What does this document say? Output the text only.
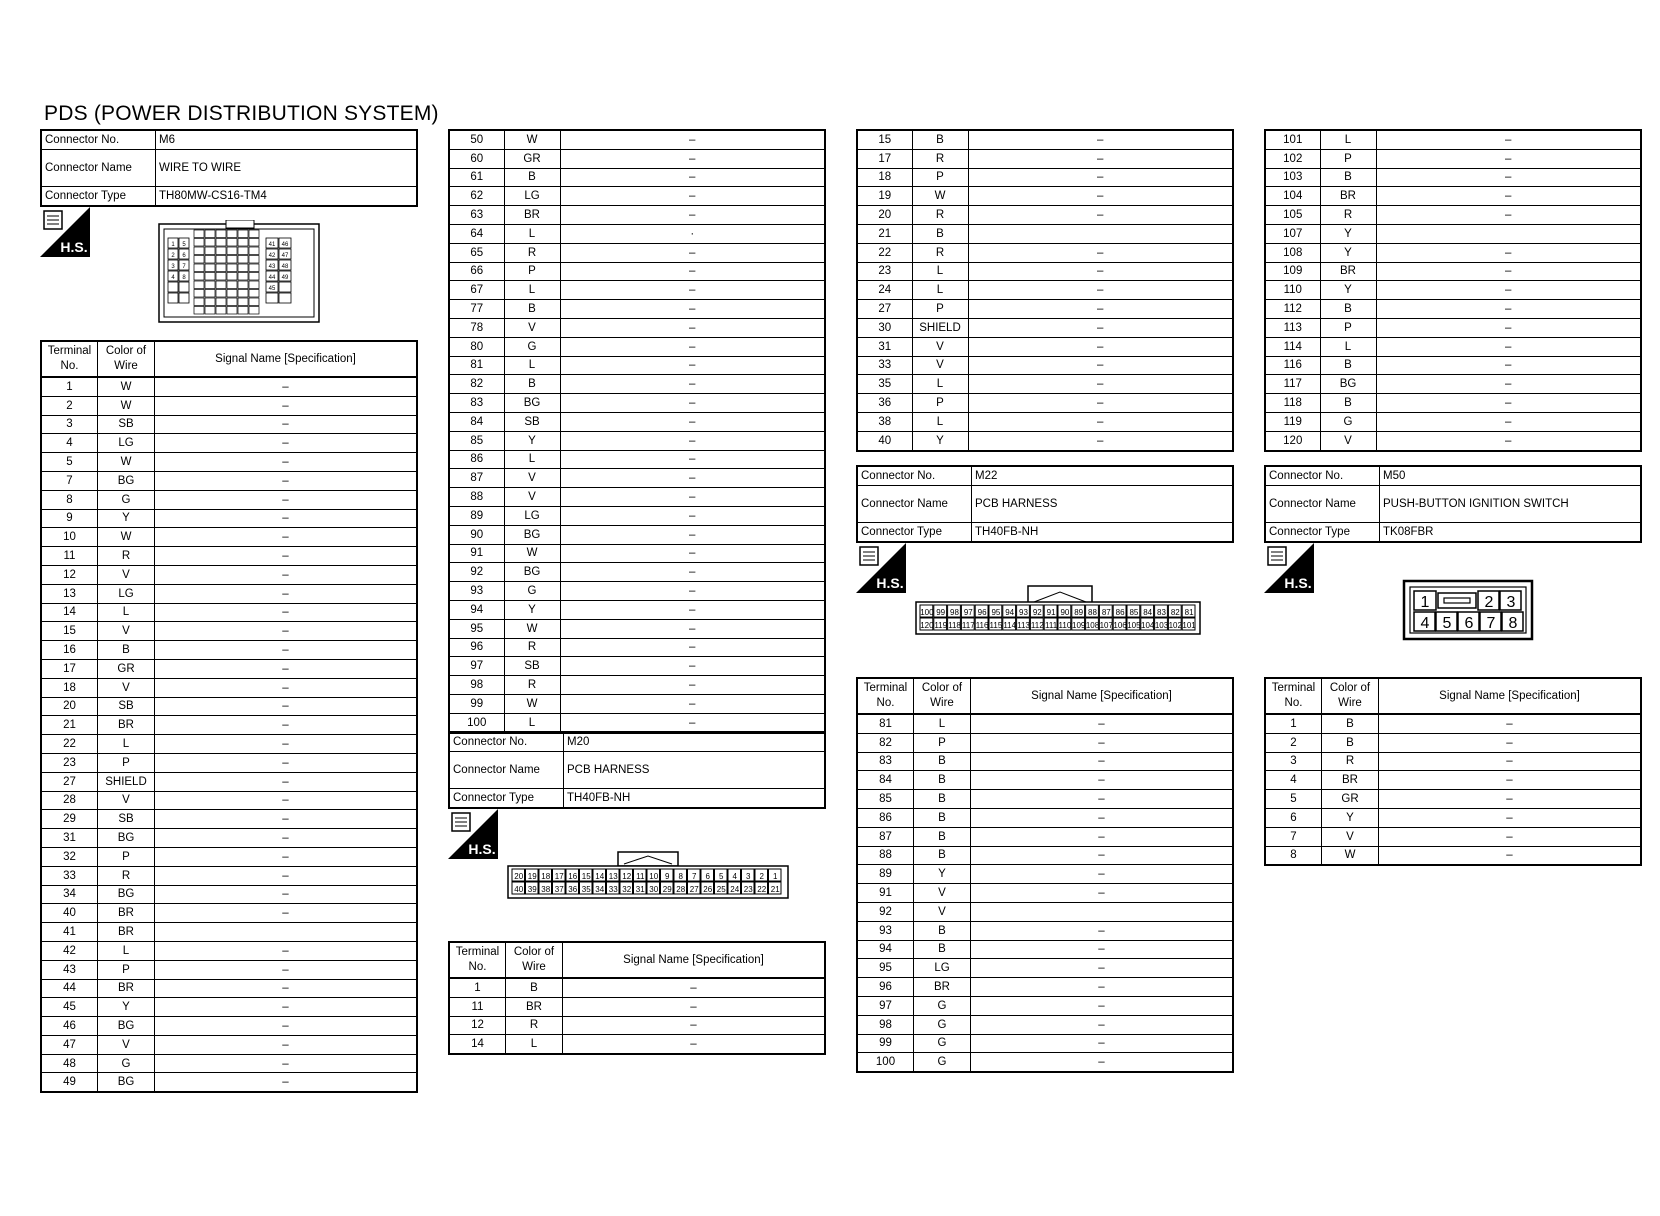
PDS (POWER DISTRIBUTION SYSTEM)
Connector No.	M6
Connector Name	WIRE TO WIRE
Connector Type	TH80MW-CS16-TM4
H.S.	1 5
2 6
3 7
4 8
41 46
42 47
43 48
44 49
45
Terminal No.	Color of Wire	Signal Name [Specification]
1	W	–
2	W	–
3	SB	–
4	LG	–
5	W	–
7	BG	–
8	G	–
9	Y	–
10	W	–
11	R	–
12	V	–
13	LG	–
14	L	–
15	V	–
16	B	–
17	GR	–
18	V	–
20	SB	–
21	BR	–
22	L	–
23	P	–
27	SHIELD	–
28	V	–
29	SB	–
31	BG	–
32	P	–
33	R	–
34	BG	–
40	BR	–
41	BR	
42	L	–
43	P	–
44	BR	–
45	Y	–
46	BG	–
47	V	–
48	G	–
49	BG	–
50	W	–
60	GR	–
61	B	–
62	LG	–
63	BR	–
64	L	·
65	R	–
66	P	–
67	L	–
77	B	–
78	V	–
80	G	–
81	L	–
82	B	–
83	BG	–
84	SB	–
85	Y	–
86	L	–
87	V	–
88	V	–
89	LG	–
90	BG	–
91	W	–
92	BG	–
93	G	–
94	Y	–
95	W	–
96	R	–
97	SB	–
98	R	–
99	W	–
100	L	–
Connector No.	M20
Connector Name	PCB HARNESS
Connector Type	TH40FB-NH
H.S.
20 19 18 17 16 15 14 13 12 11 10 9 8 7 6 5 4 3 2 1
40 39 38 37 36 35 34 33 32 31 30 29 28 27 26 25 24 23 22 21
Terminal No.	Color of Wire	Signal Name [Specification]
1	B	–
11	BR	–
12	R	–
14	L	–
15	B	–
17	R	–
18	P	–
19	W	–
20	R	–
21	B	
22	R	–
23	L	–
24	L	–
27	P	–
30	SHIELD	–
31	V	–
33	V	–
35	L	–
36	P	–
38	L	–
40	Y	–
Connector No.	M22
Connector Name	PCB HARNESS
Connector Type	TH40FB-NH
H.S.
100 99 98 97 96 95 94 93 92 91 90 89 88 87 86 85 84 83 82 81
120 119 118 117 116 115 114 113 112 111 110 109 108 107 106 105 104 103 102 101
Terminal No.	Color of Wire	Signal Name [Specification]
81	L	–
82	P	–
83	B	–
84	B	–
85	B	–
86	B	–
87	B	–
88	B	–
89	Y	–
91	V	–
92	V	
93	B	–
94	B	–
95	LG	–
96	BR	–
97	G	–
98	G	–
99	G	–
100	G	–
101	L	–
102	P	–
103	B	–
104	BR	–
105	R	–
107	Y	
108	Y	–
109	BR	–
110	Y	–
112	B	–
113	P	–
114	L	–
116	B	–
117	BG	–
118	B	–
119	G	–
120	V	–
Connector No.	M50
Connector Name	PUSH-BUTTON IGNITION SWITCH
Connector Type	TK08FBR
H.S.
1	2 3
4 5 6 7 8
Terminal No.	Color of Wire	Signal Name [Specification]
1	B	–
2	B	–
3	R	–
4	BR	–
5	GR	–
6	Y	–
7	V	–
8	W	–
